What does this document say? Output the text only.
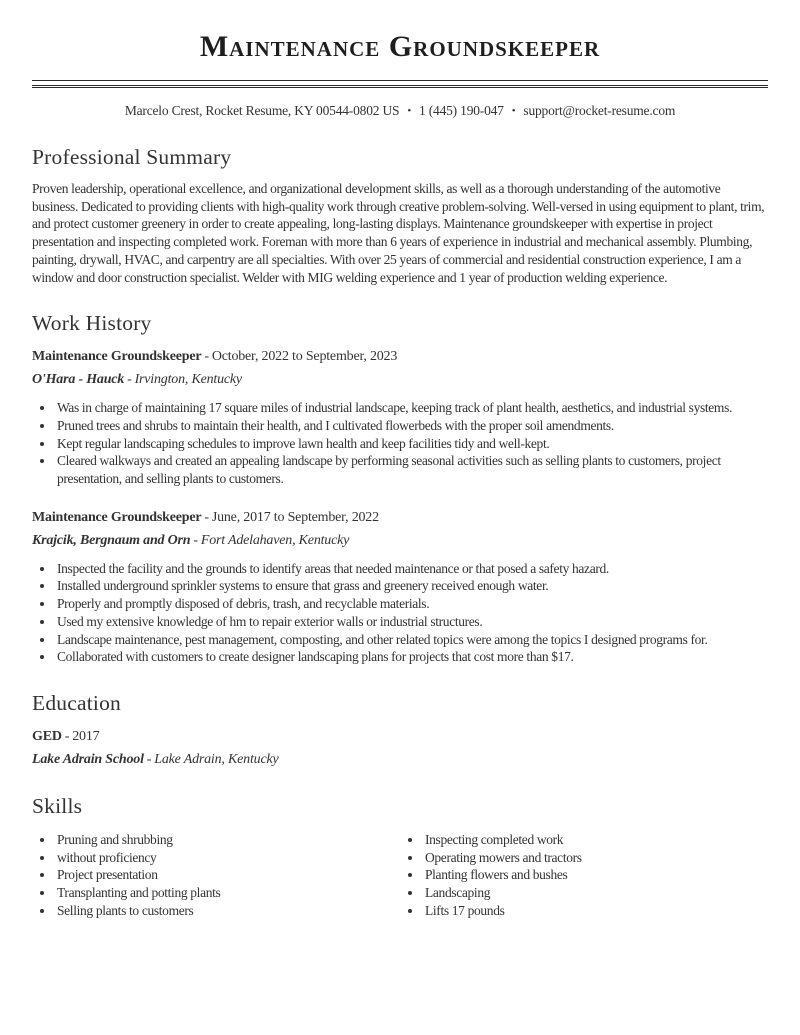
Maintenance Groundskeeper

Marcelo Crest, Rocket Resume, KY 00544-0802 US • 1 (445) 190-047 • support@rocket-resume.com

Professional Summary

Proven leadership, operational excellence, and organizational development skills, as well as a thorough understanding of the automotive business. Dedicated to providing clients with high-quality work through creative problem-solving. Well-versed in using equipment to plant, trim, and protect customer greenery in order to create appealing, long-lasting displays. Maintenance groundskeeper with expertise in project presentation and inspecting completed work. Foreman with more than 6 years of experience in industrial and mechanical assembly. Plumbing, painting, drywall, HVAC, and carpentry are all specialties. With over 25 years of commercial and residential construction experience, I am a window and door construction specialist. Welder with MIG welding experience and 1 year of production welding experience.

Work History

Maintenance Groundskeeper - October, 2022 to September, 2023

O'Hara - Hauck - Irvington, Kentucky

• Was in charge of maintaining 17 square miles of industrial landscape, keeping track of plant health, aesthetics, and industrial systems.
• Pruned trees and shrubs to maintain their health, and I cultivated flowerbeds with the proper soil amendments.
• Kept regular landscaping schedules to improve lawn health and keep facilities tidy and well-kept.
• Cleared walkways and created an appealing landscape by performing seasonal activities such as selling plants to customers, project presentation, and selling plants to customers.

Maintenance Groundskeeper - June, 2017 to September, 2022

Krajcik, Bergnaum and Orn - Fort Adelahaven, Kentucky

• Inspected the facility and the grounds to identify areas that needed maintenance or that posed a safety hazard.
• Installed underground sprinkler systems to ensure that grass and greenery received enough water.
• Properly and promptly disposed of debris, trash, and recyclable materials.
• Used my extensive knowledge of hm to repair exterior walls or industrial structures.
• Landscape maintenance, pest management, composting, and other related topics were among the topics I designed programs for.
• Collaborated with customers to create designer landscaping plans for projects that cost more than $17.
Education

GED - 2017

Lake Adrain School - Lake Adrain, Kentucky

Skills
• Pruning and shrubbing
• without proficiency
• Project presentation
• Transplanting and potting plants
• Selling plants to customers
• Inspecting completed work
• Operating mowers and tractors
• Planting flowers and bushes
• Landscaping
• Lifts 17 pounds
